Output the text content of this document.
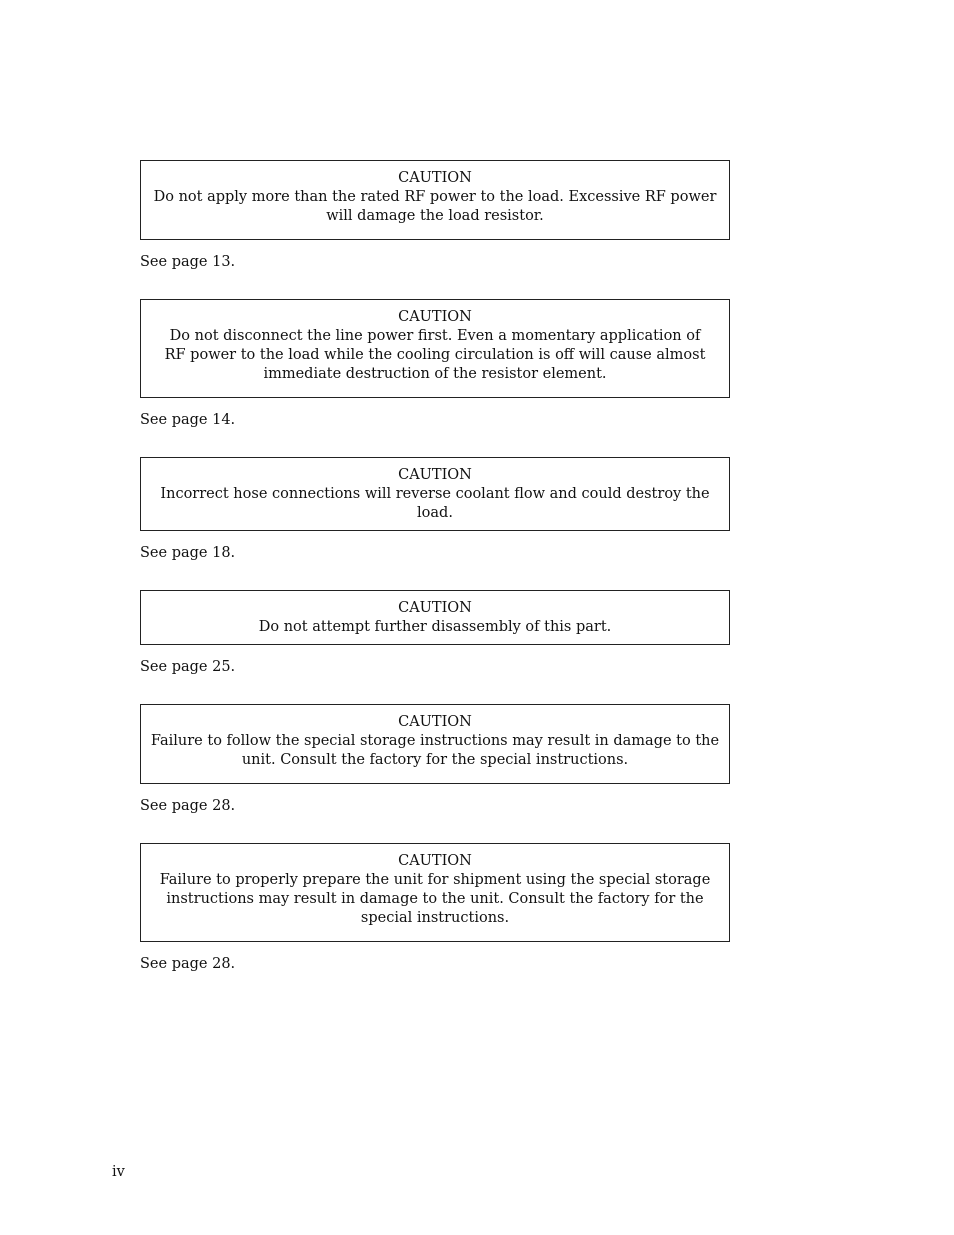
CAUTION
Do not apply more than the rated RF power to the load. Excessive RF power will damage the load resistor.
See page 13.
CAUTION
Do not disconnect the line power first. Even a momentary application of RF power to the load while the cooling circulation is off will cause almost immediate destruction of the resistor element.
See page 14.
CAUTION
Incorrect hose connections will reverse coolant flow and could destroy the load.
See page 18.
CAUTION
Do not attempt further disassembly of this part.
See page 25.
CAUTION
Failure to follow the special storage instructions may result in damage to the unit. Consult the factory for the special instructions.
See page 28.
CAUTION
Failure to properly prepare the unit for shipment using the special storage instructions may result in damage to the unit. Consult the factory for the special instructions.
See page 28.
iv
